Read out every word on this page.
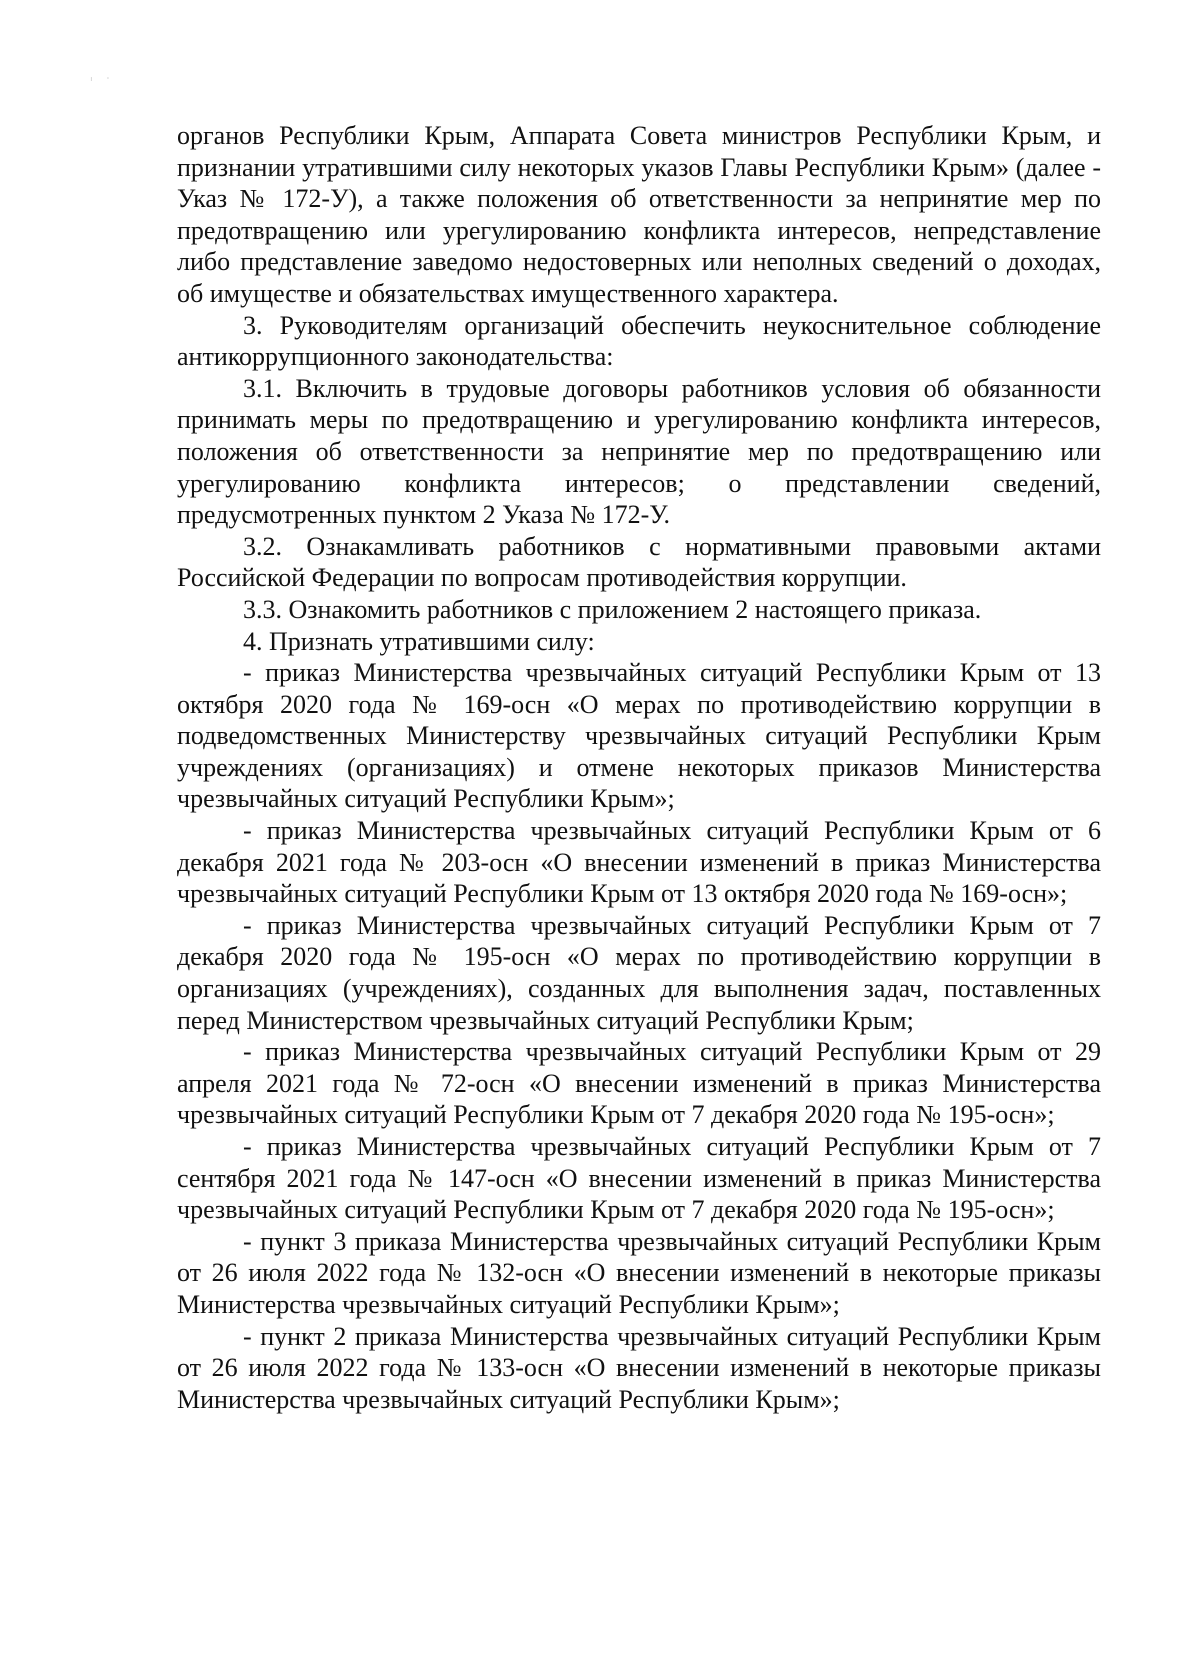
· · ·

органов Республики Крым, Аппарата Совета министров Республики Крым, и признании утратившими силу некоторых указов Главы Республики Крым» (далее - Указ № 172-У), а также положения об ответственности за непринятие мер по предотвращению или урегулированию конфликта интересов, непредставление либо представление заведомо недостоверных или неполных сведений о доходах, об имуществе и обязательствах имущественного характера.

3. Руководителям организаций обеспечить неукоснительное соблюдение антикоррупционного законодательства:

3.1. Включить в трудовые договоры работников условия об обязанности принимать меры по предотвращению и урегулированию конфликта интересов, положения об ответственности за непринятие мер по предотвращению или урегулированию конфликта интересов; о представлении сведений, предусмотренных пунктом 2 Указа № 172-У.

3.2. Ознакамливать работников с нормативными правовыми актами Российской Федерации по вопросам противодействия коррупции.

3.3. Ознакомить работников с приложением 2 настоящего приказа.

4. Признать утратившими силу:

- приказ Министерства чрезвычайных ситуаций Республики Крым от 13 октября 2020 года № 169-осн «О мерах по противодействию коррупции в подведомственных Министерству чрезвычайных ситуаций Республики Крым учреждениях (организациях) и отмене некоторых приказов Министерства чрезвычайных ситуаций Республики Крым»;

- приказ Министерства чрезвычайных ситуаций Республики Крым от 6 декабря 2021 года № 203-осн «О внесении изменений в приказ Министерства чрезвычайных ситуаций Республики Крым от 13 октября 2020 года № 169-осн»;

- приказ Министерства чрезвычайных ситуаций Республики Крым от 7 декабря 2020 года № 195-осн «О мерах по противодействию коррупции в организациях (учреждениях), созданных для выполнения задач, поставленных перед Министерством чрезвычайных ситуаций Республики Крым;

- приказ Министерства чрезвычайных ситуаций Республики Крым от 29 апреля 2021 года № 72-осн «О внесении изменений в приказ Министерства чрезвычайных ситуаций Республики Крым от 7 декабря 2020 года № 195-осн»;

- приказ Министерства чрезвычайных ситуаций Республики Крым от 7 сентября 2021 года № 147-осн «О внесении изменений в приказ Министерства чрезвычайных ситуаций Республики Крым от 7 декабря 2020 года № 195-осн»;

- пункт 3 приказа Министерства чрезвычайных ситуаций Республики Крым от 26 июля 2022 года № 132-осн «О внесении изменений в некоторые приказы Министерства чрезвычайных ситуаций Республики Крым»;

- пункт 2 приказа Министерства чрезвычайных ситуаций Республики Крым от 26 июля 2022 года № 133-осн «О внесении изменений в некоторые приказы Министерства чрезвычайных ситуаций Республики Крым»;
